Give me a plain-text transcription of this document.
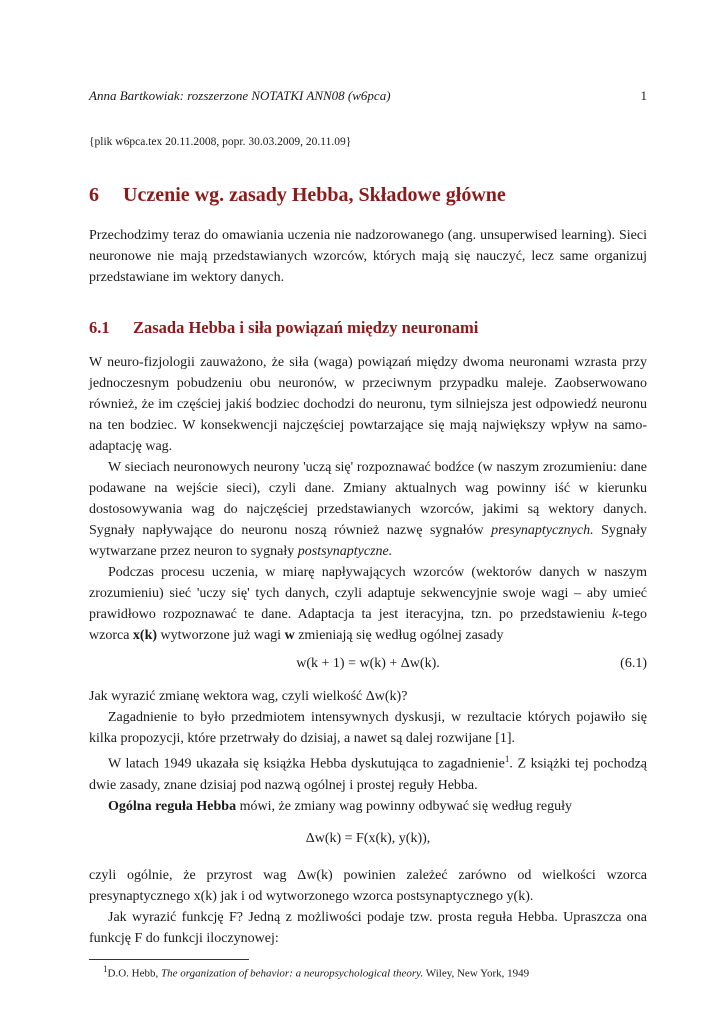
Anna Bartkowiak: rozszerzone NOTATKI ANN08 (w6pca)	1
{plik w6pca.tex 20.11.2008, popr. 30.03.2009, 20.11.09}
6	Uczenie wg. zasady Hebba, Składowe główne

Przechodzimy teraz do omawiania uczenia nie nadzorowanego (ang. unsuperwised learning). Sieci neuronowe nie mają przedstawianych wzorców, których mają się nauczyć, lecz same organizuj przedstawiane im wektory danych.

6.1	Zasada Hebba i siła powiązań między neuronami

W neuro-fizjologii zauważono, że siła (waga) powiązań między dwoma neuronami wzrasta przy jednoczesnym pobudzeniu obu neuronów, w przeciwnym przypadku maleje. Zaobserwowano również, że im częściej jakiś bodziec dochodzi do neuronu, tym silniejsza jest odpowiedź neuronu na ten bodziec. W konsekwencji najczęściej powtarzające się mają największy wpływ na samo-adaptację wag.

W sieciach neuronowych neurony 'uczą się' rozpoznawać bodźce (w naszym zrozumieniu: dane podawane na wejście sieci), czyli dane. Zmiany aktualnych wag powinny iść w kierunku dostosowywania wag do najczęściej przedstawianych wzorców, jakimi są wektory danych. Sygnały napływające do neuronu noszą również nazwę sygnałów presynaptycznych. Sygnały wytwarzane przez neuron to sygnały postsynaptyczne.

Podczas procesu uczenia, w miarę napływających wzorców (wektorów danych w naszym zrozumieniu) sieć 'uczy się' tych danych, czyli adaptuje sekwencyjnie swoje wagi – aby umieć prawidłowo rozpoznawać te dane. Adaptacja ta jest iteracyjna, tzn. po przedstawieniu k-tego wzorca x(k) wytworzone już wagi w zmieniają się według ogólnej zasady

w(k + 1) = w(k) + Δw(k).	(6.1)

Jak wyrazić zmianę wektora wag, czyli wielkość Δw(k)?

Zagadnienie to było przedmiotem intensywnych dyskusji, w rezultacie których pojawiło się kilka propozycji, które przetrwały do dzisiaj, a nawet są dalej rozwijane [1].

W latach 1949 ukazała się książka Hebba dyskutująca to zagadnienie$^1$. Z książki tej pochodzą dwie zasady, znane dzisiaj pod nazwą ogólnej i prostej reguły Hebba.

Ogólna reguła Hebba mówi, że zmiany wag powinny odbywać się według reguły

Δw(k) = F(x(k), y(k)),

czyli ogólnie, że przyrost wag Δw(k) powinien zależeć zarówno od wielkości wzorca presynaptycznego x(k) jak i od wytworzonego wzorca postsynaptycznego y(k).

Jak wyrazić funkcję F? Jedną z możliwości podaje tzw. prosta reguła Hebba. Upraszcza ona funkcję F do funkcji iloczynowej:

$^1$D.O. Hebb, The organization of behavior: a neuropsychological theory. Wiley, New York, 1949
